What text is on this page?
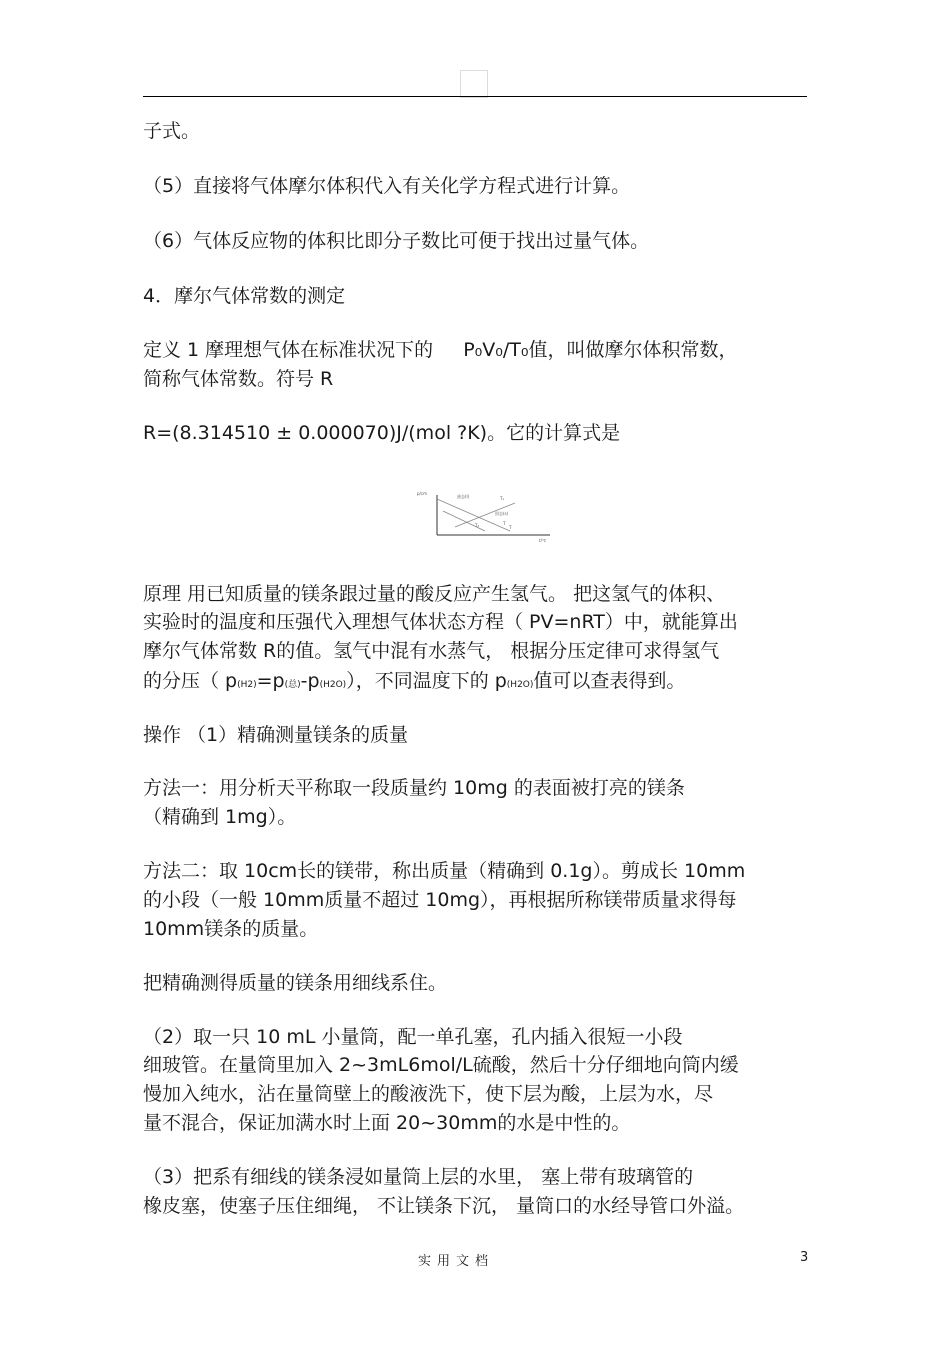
子式。
（5）直接将气体摩尔体积代入有关化学方程式进行计算。
（6）气体反应物的体积比即分子数比可便于找出过量气体。
4．摩尔气体常数的测定
定义 1 摩理想气体在标准状况下的 P₀V₀/T₀值，叫做摩尔体积常数，
简称气体常数。符号 R
R=(8.314510 ± 0.000070)J/(mol ?K)。它的计算式是
p/cm
t/℃
液态(l)
固态(s)
T₁
T₂	T
T
原理 用已知质量的镁条跟过量的酸反应产生氢气。 把这氢气的体积、
实验时的温度和压强代入理想气体状态方程（ PV=nRT）中，就能算出
摩尔气体常数 R的值。氢气中混有水蒸气， 根据分压定律可求得氢气
的分压（ p(H2)=p(总)-p(H2O)），不同温度下的 p(H2O)值可以查表得到。
操作 （1）精确测量镁条的质量
方法一：用分析天平称取一段质量约 10mg 的表面被打亮的镁条
（精确到 1mg）。
方法二：取 10cm长的镁带，称出质量（精确到 0.1g）。剪成长 10mm
的小段（一般 10mm质量不超过 10mg），再根据所称镁带质量求得每
10mm镁条的质量。
把精确测得质量的镁条用细线系住。
（2）取一只 10 mL 小量筒，配一单孔塞，孔内插入很短一小段
细玻管。在量筒里加入 2~3mL6mol/L硫酸，然后十分仔细地向筒内缓
慢加入纯水，沾在量筒壁上的酸液洗下，使下层为酸，上层为水，尽
量不混合，保证加满水时上面 20~30mm的水是中性的。
（3）把系有细线的镁条浸如量筒上层的水里， 塞上带有玻璃管的
橡皮塞，使塞子压住细绳， 不让镁条下沉， 量筒口的水经导管口外溢。
实用文档	3
